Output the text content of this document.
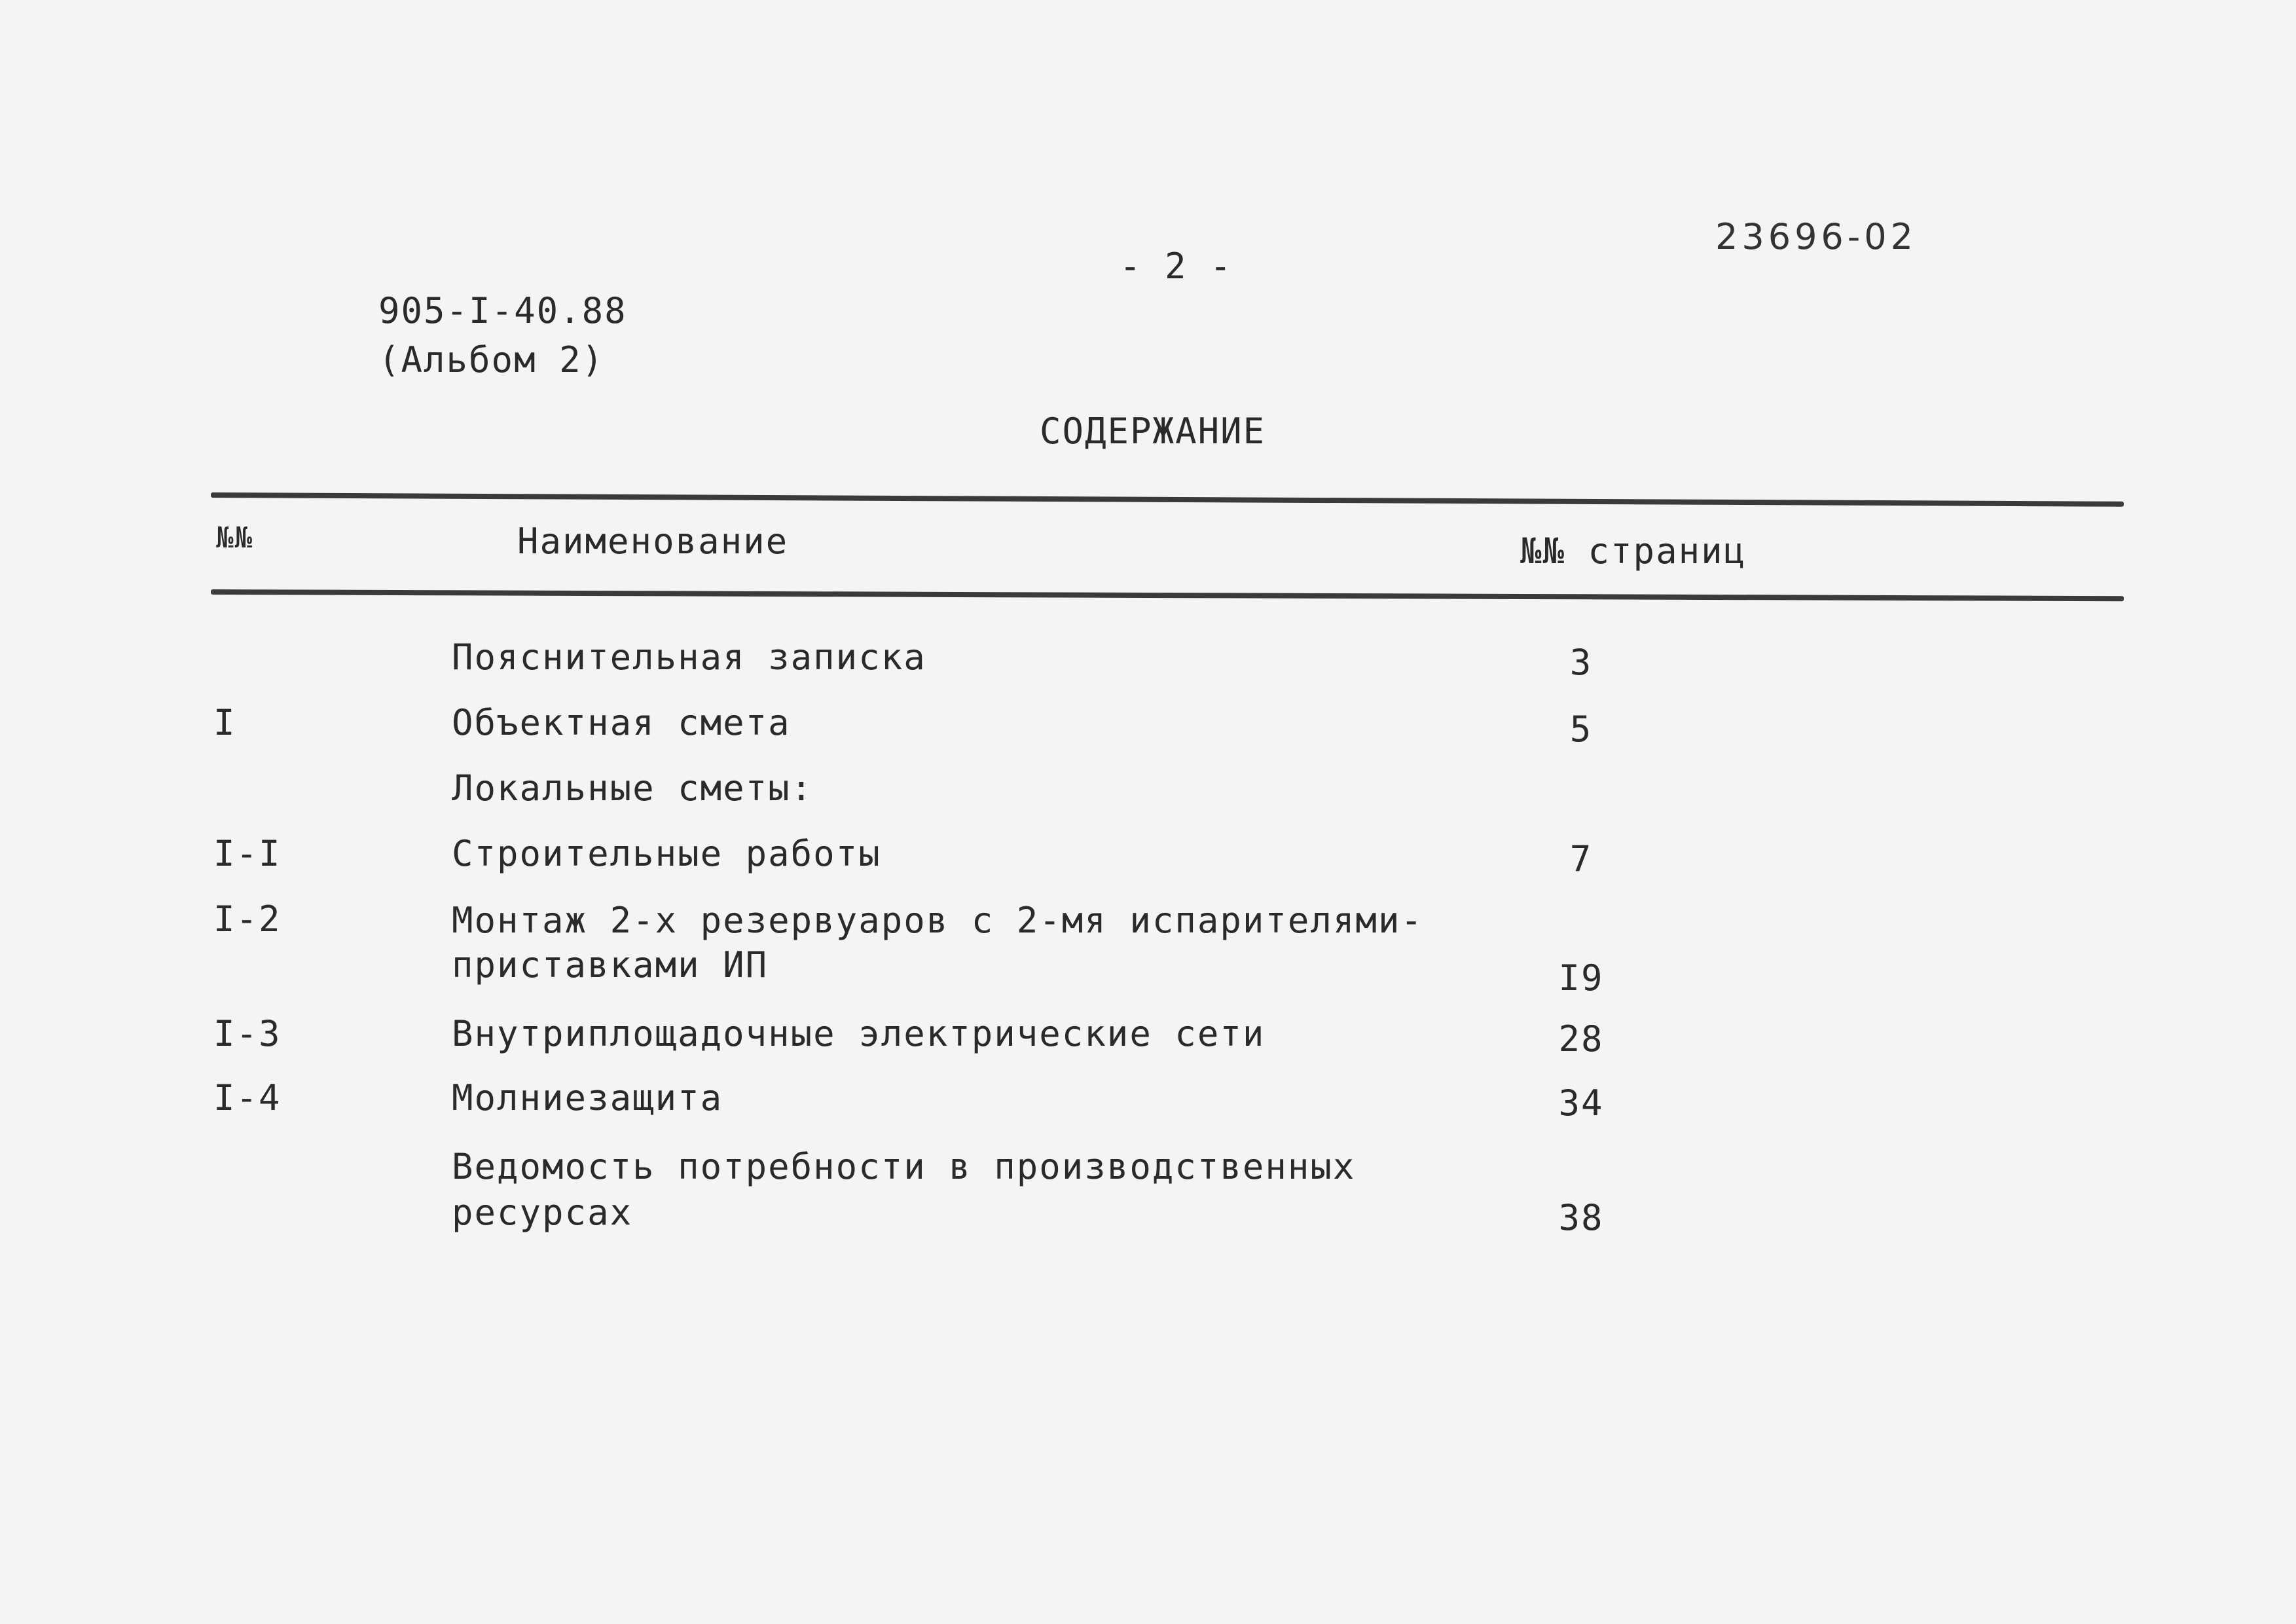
- 2 -
23696-02
905-I-40.88
(Альбом 2)
СОДЕРЖАНИЕ
№№	Наименование	№№ страниц
Пояснительная записка	3
I	Объектная смета	5
Локальные сметы:
I-I	Строительные работы	7
I-2	Монтаж 2-х резервуаров с 2-мя испарителями-
приставками ИП	I9
I-3	Внутриплощадочные электрические сети	28
I-4	Молниезащита	34
Ведомость потребности в производственных
ресурсах	38
